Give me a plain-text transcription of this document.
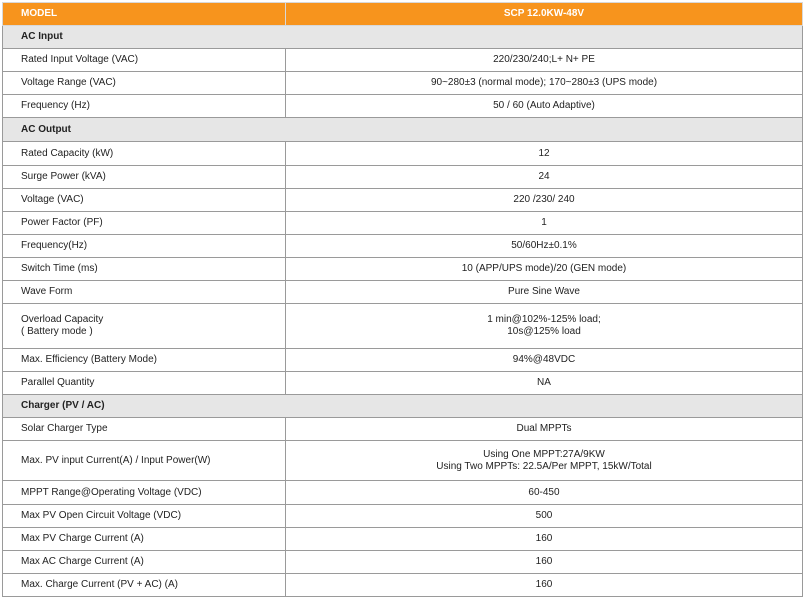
MODEL	SCP 12.0KW-48V
AC Input	
Rated Input Voltage (VAC)	220/230/240;L+ N+ PE
Voltage Range (VAC)	90~280±3 (normal mode); 170~280±3 (UPS mode)
Frequency (Hz)	50 / 60 (Auto Adaptive)
AC Output	
Rated Capacity (kW)	12
Surge Power (kVA)	24
Voltage (VAC)	220 /230/ 240
Power Factor (PF)	1
Frequency(Hz)	50/60Hz±0.1%
Switch Time (ms)	10 (APP/UPS mode)/20 (GEN mode)
Wave Form	Pure Sine Wave

Overload Capacity
( Battery mode )	1 min@102%-125% load;
10s@125% load

Max. Efficiency (Battery Mode)	94%@48VDC
Parallel Quantity	NA
Charger (PV / AC)	
Solar Charger Type	Dual MPPTs
Max. PV input Current(A) / Input Power(W)	Using One MPPT:27A/9KW
Using Two MPPTs: 22.5A/Per MPPT, 15kW/Total

MPPT Range@Operating Voltage (VDC)	60-450
Max PV Open Circuit Voltage (VDC)	500
Max PV Charge Current (A)	160
Max AC Charge Current (A)	160
Max. Charge Current (PV + AC) (A)	160
